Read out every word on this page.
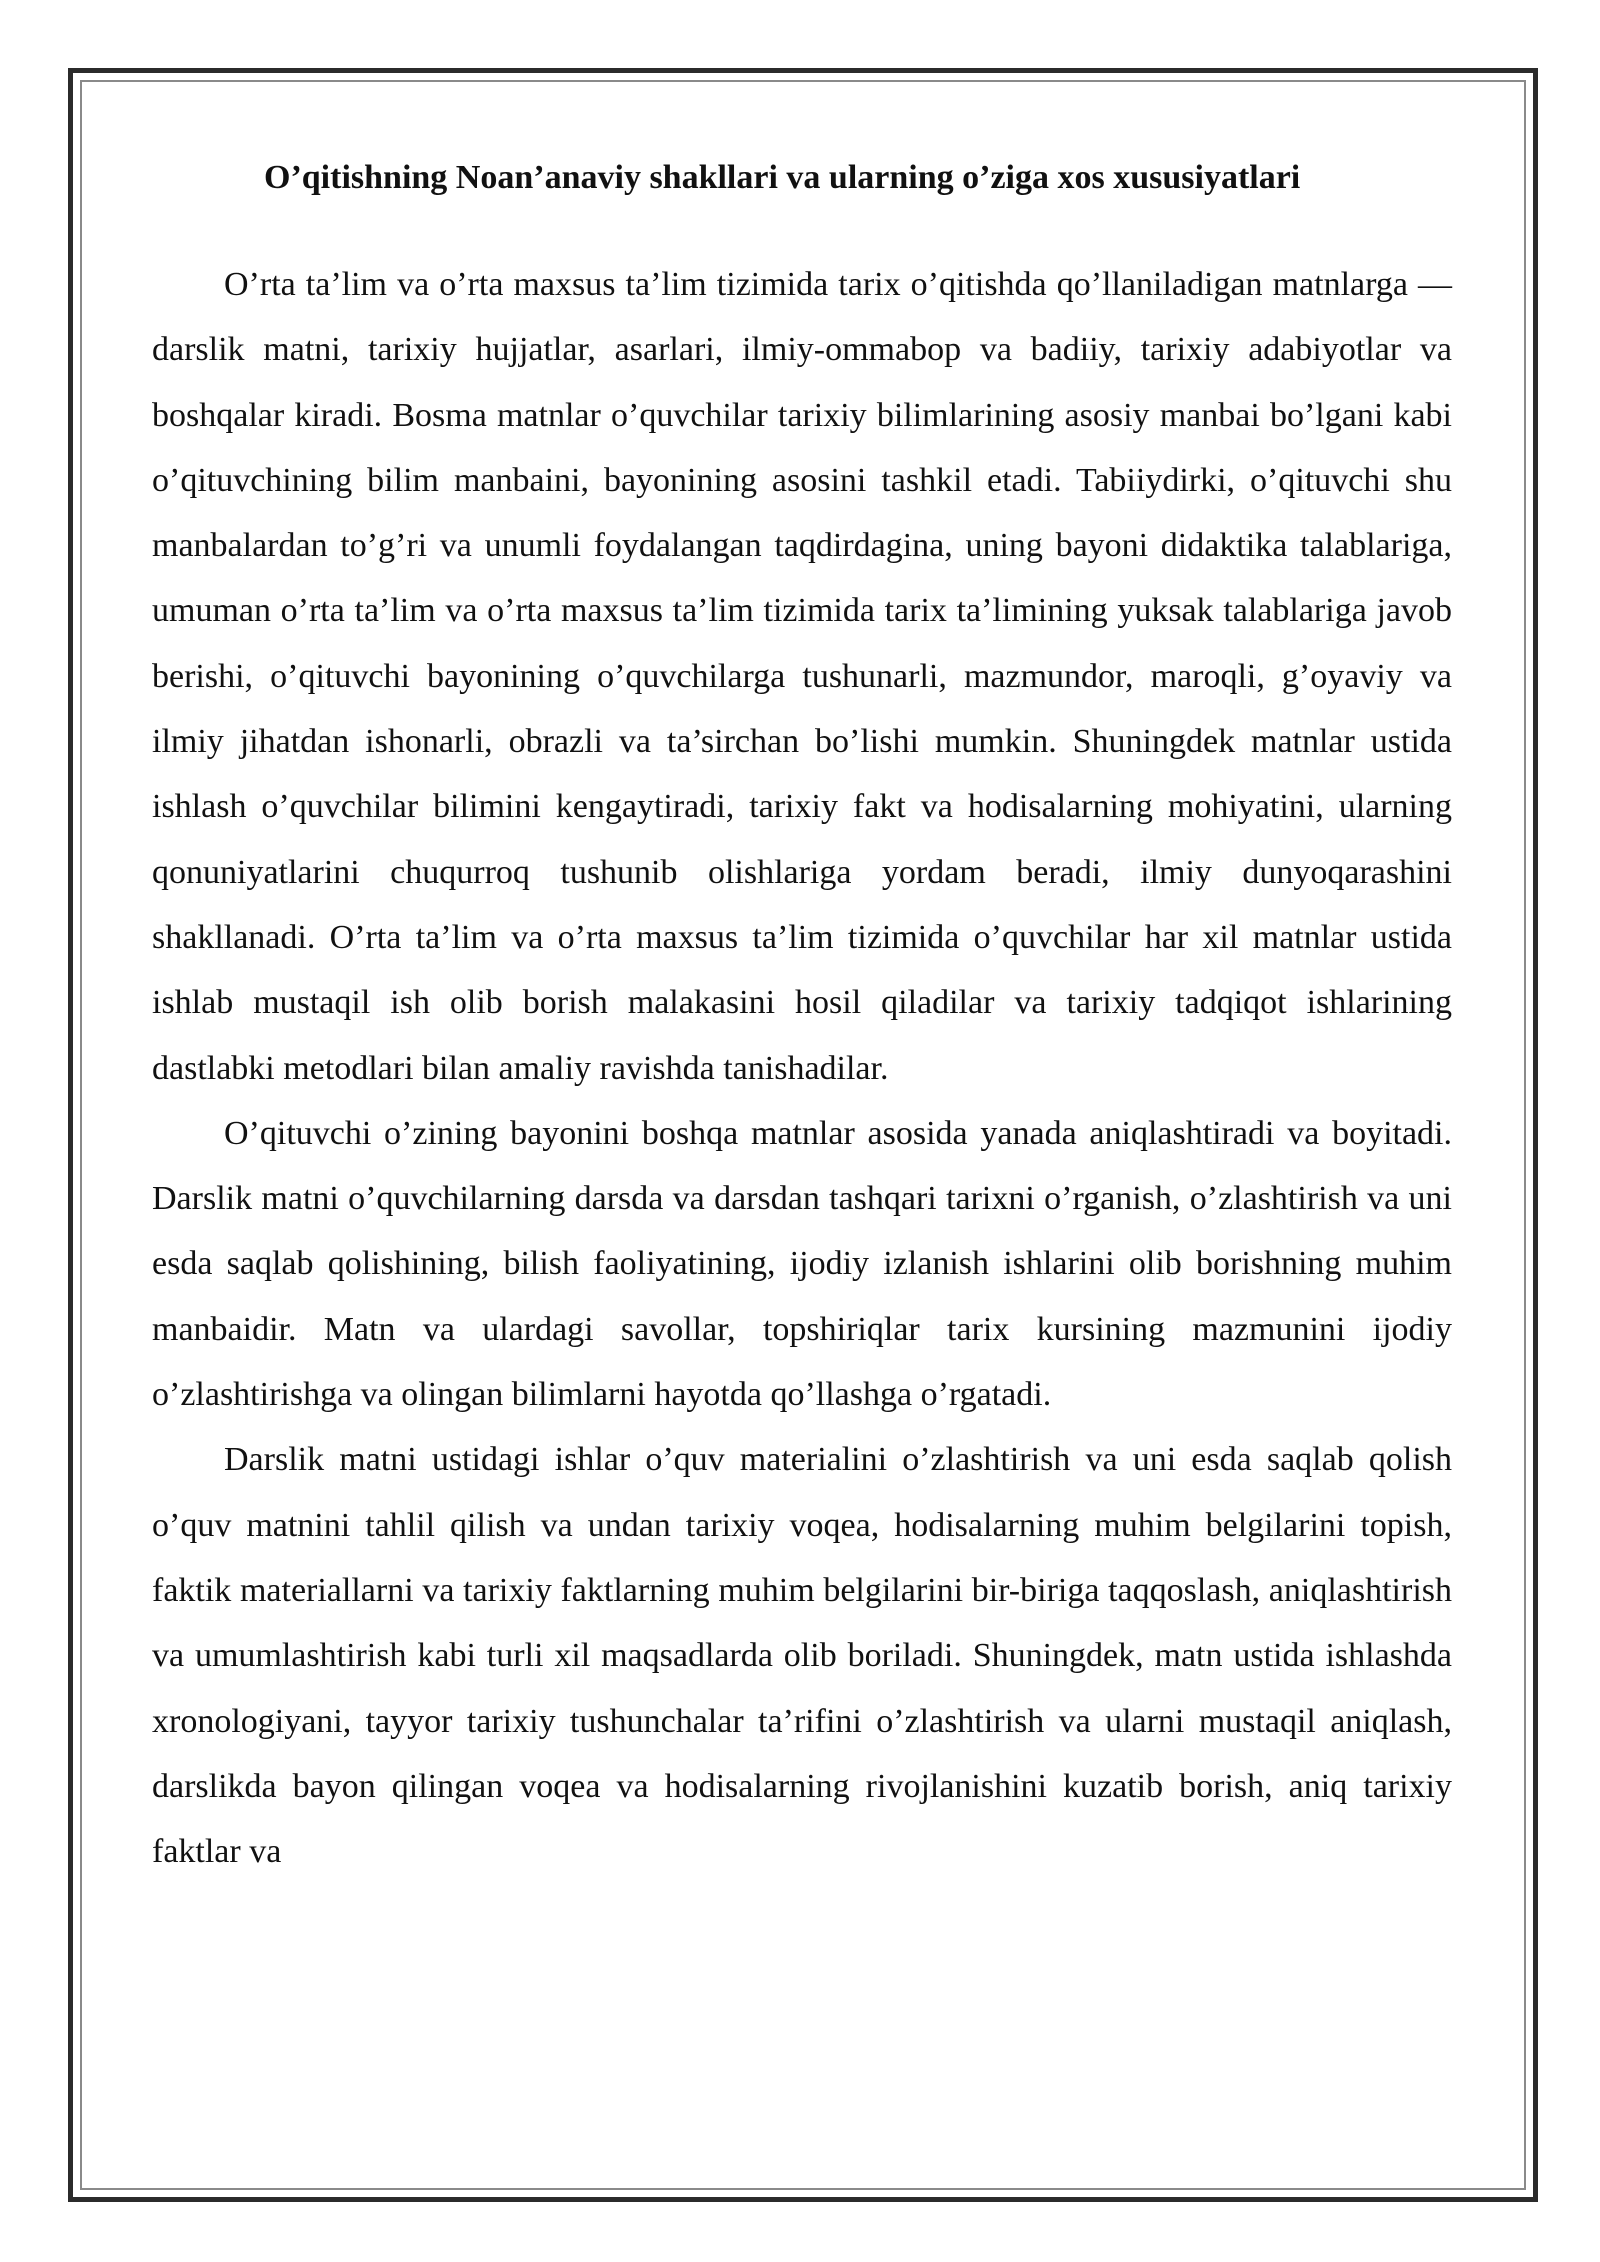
O’qitishning Noan’anaviy shakllari va ularning o’ziga xos xususiyatlari

O’rta ta’lim va o’rta maxsus ta’lim tizimida tarix o’qitishda qo’llaniladigan matnlarga — darslik matni, tarixiy hujjatlar, asarlari, ilmiy-ommabop va badiiy, tarixiy adabiyotlar va boshqalar kiradi. Bosma matnlar o’quvchilar tarixiy bilimlarining asosiy manbai bo’lgani kabi o’qituvchining bilim manbaini, bayonining asosini tashkil etadi. Tabiiydirki, o’qituvchi shu manbalardan to’g’ri va unumli foydalangan taqdirdagina, uning bayoni didaktika talablariga, umuman o’rta ta’lim va o’rta maxsus ta’lim tizimida tarix ta’limining yuksak talablariga javob berishi, o’qituvchi bayonining o’quvchilarga tushunarli, mazmundor, maroqli, g’oyaviy va ilmiy jihatdan ishonarli, obrazli va ta’sirchan bo’lishi mumkin. Shuningdek matnlar ustida ishlash o’quvchilar bilimini kengaytiradi, tarixiy fakt va hodisalarning mohiyatini, ularning qonuniyatlarini chuqurroq tushunib olishlariga yordam beradi, ilmiy dunyoqarashini shakllanadi. O’rta ta’lim va o’rta maxsus ta’lim tizimida o’quvchilar har xil matnlar ustida ishlab mustaqil ish olib borish malakasini hosil qiladilar va tarixiy tadqiqot ishlarining dastlabki metodlari bilan amaliy ravishda tanishadilar.

O’qituvchi o’zining bayonini boshqa matnlar asosida yanada aniqlashtiradi va boyitadi. Darslik matni o’quvchilarning darsda va darsdan tashqari tarixni o’rganish, o’zlashtirish va uni esda saqlab qolishining, bilish faoliyatining, ijodiy izlanish ishlarini olib borishning muhim manbaidir. Matn va ulardagi savollar, topshiriqlar tarix kursining mazmunini ijodiy o’zlashtirishga va olingan bilimlarni hayotda qo’llashga o’rgatadi.

Darslik matni ustidagi ishlar o’quv materialini o’zlashtirish va uni esda saqlab qolish o’quv matnini tahlil qilish va undan tarixiy voqea, hodisalarning muhim belgilarini topish, faktik materiallarni va tarixiy faktlarning muhim belgilarini bir-biriga taqqoslash, aniqlashtirish va umumlashtirish kabi turli xil maqsadlarda olib boriladi. Shuningdek, matn ustida ishlashda xronologiyani, tayyor tarixiy tushunchalar ta’rifini o’zlashtirish va ularni mustaqil aniqlash, darslikda bayon qilingan voqea va hodisalarning rivojlanishini kuzatib borish, aniq tarixiy faktlar va
